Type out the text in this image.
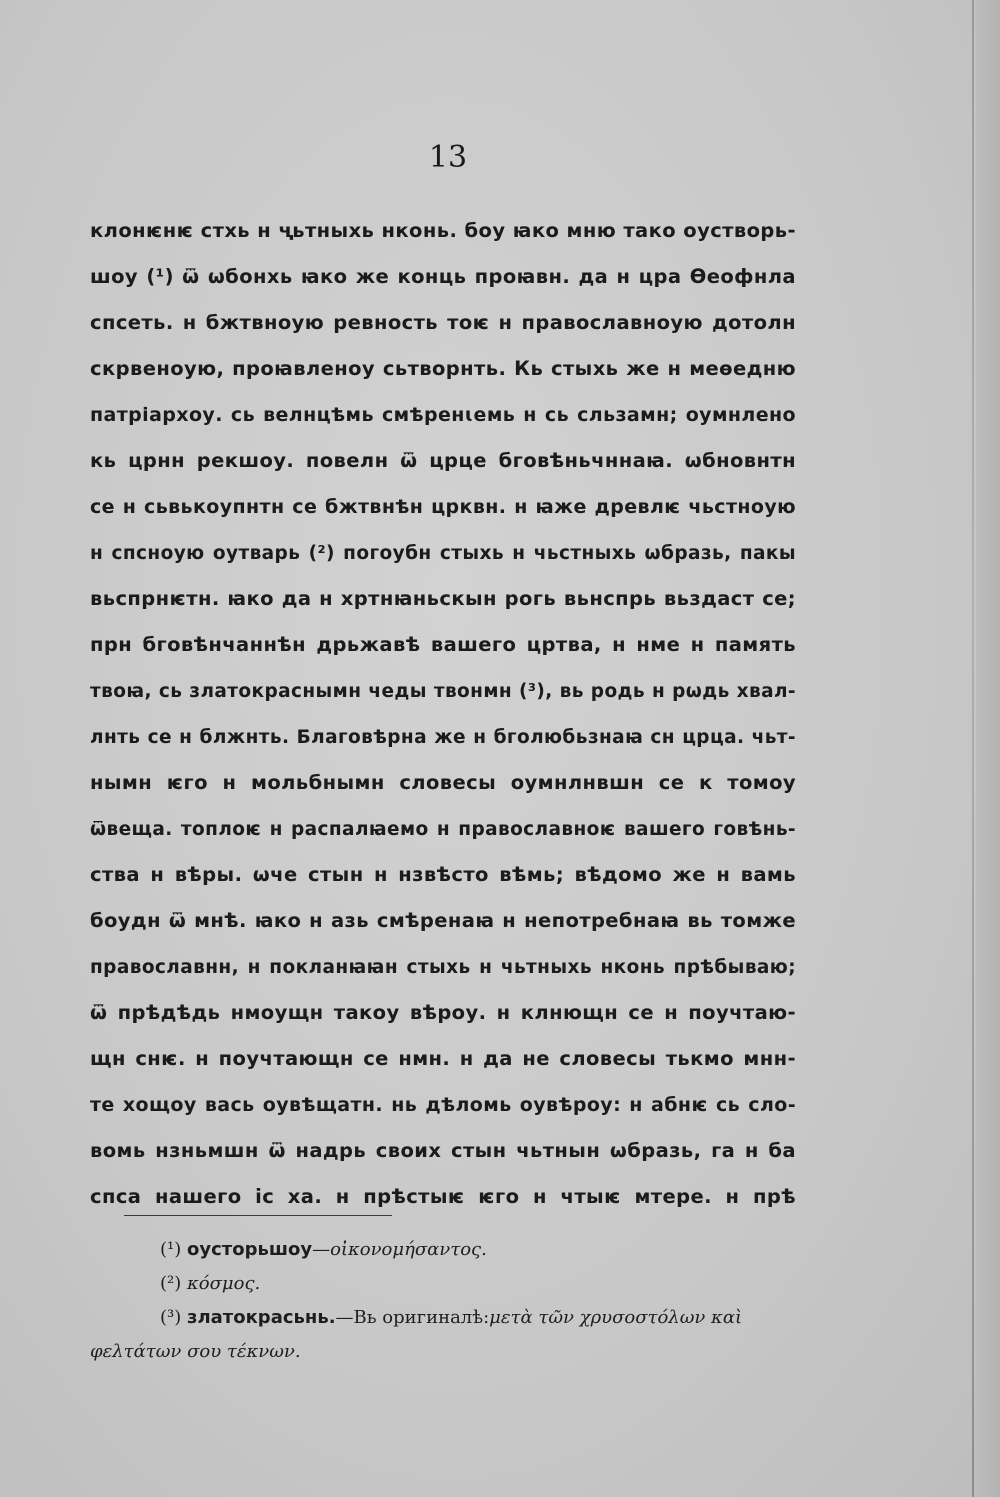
13
клонѥнѥ стхь н ҷьтныхь нконь. боу ꙗко мню тако оустворь-
шоу (¹) ѿ ѡбонхь ꙗко же конць проꙗвн. да н цра Ѳеофнла
спсеть. н бжтвноую ревность тоѥ н православноую дотолн
скрвеноую, проꙗвленоу сьтворнть. Кь стыхь же н меѳедню
патріархоу. сь велнцѣмь смѣренꙇемь н сь сльзамн; оумнлено
кь црнн рекшоу. повелн ѿ црце бговѣньчннаꙗ. ѡбновнтн
се н сьвькоупнтн се бжтвнѣн црквн. н ꙗже древлѥ чьстноую
н спсноую оутварь (²) погоубн стыхь н чьстныхь ѡбразь, пакы
вьспрнѥтн. ꙗко да н хртнꙗньскын рогь вьнспрь вьздаст се;
прн бговѣнчаннѣн дрьжавѣ вашего цртва, н нме н память
твоꙗ, сь златокраснымн чеды твонмн (³), вь родь н рѡдь хвал-
лнть се н блжнть. Благовѣрна же н бголюбьзнаꙗ сн црца. чьт-
нымн ѥго н мольбнымн словесы оумнлнвшн се к томоу
ѿвеща. топлоѥ н распалꙗемо н православноѥ вашего говѣнь-
ства н вѣры. ѡче стын н нзвѣсто вѣмь; вѣдомо же н вамь
боудн ѿ мнѣ. ꙗко н азь смѣренаꙗ н непотребнаꙗ вь томже
православнн, н покланꙗꙗн стыхь н чьтныхь нконь прѣбываю;
ѿ прѣдѣдь нмоущн такоу вѣроу. н клнющн се н поучтаю-
щн снѥ. н поучтающн се нмн. н да не словесы тькмо мнн-
те хощоу вась оувѣщатн. нь дѣломь оувѣроу: н абнѥ сь сло-
вомь нзньмшн ѿ надрь своих стын чьтнын ѡбразь, га н ба
спса нашего іс ха. н прѣстыѥ ѥго н чтыѥ мтере. н прѣ
(¹)
оусторьшоу — οἰκονομήσαντος.
(²)
κόσμος.
(³)
златокрасьнь. —Вь оригиналѣ: μετὰ τῶν χρυσοστόλων καὶ
φελτάτων σου τέκνων.
